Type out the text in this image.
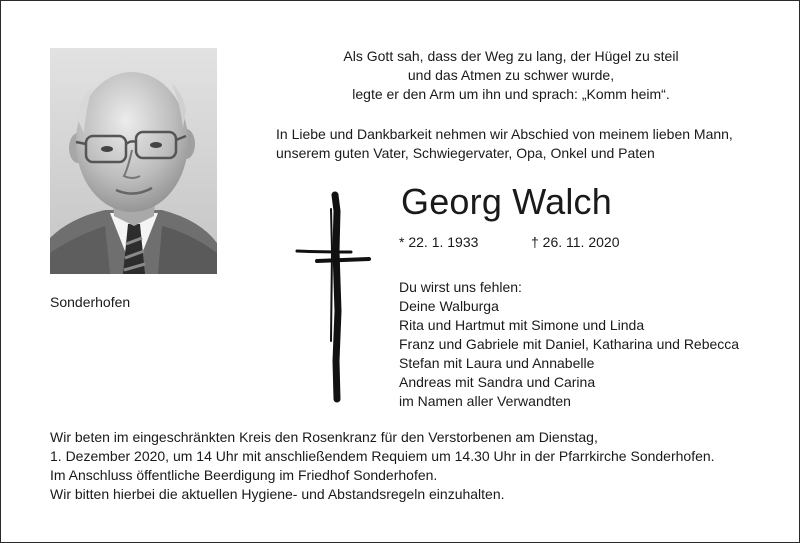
Sonderhofen
Als Gott sah, dass der Weg zu lang, der Hügel zu steil
und das Atmen zu schwer wurde,
legte er den Arm um ihn und sprach: „Komm heim“.
In Liebe und Dankbarkeit nehmen wir Abschied von meinem lieben Mann,
unserem guten Vater, Schwiegervater, Opa, Onkel und Paten
Georg Walch
* 22. 1. 1933	† 26. 11. 2020
Du wirst uns fehlen:
Deine Walburga
Rita und Hartmut mit Simone und Linda
Franz und Gabriele mit Daniel, Katharina und Rebecca
Stefan mit Laura und Annabelle
Andreas mit Sandra und Carina
im Namen aller Verwandten
Wir beten im eingeschränkten Kreis den Rosenkranz für den Verstorbenen am Dienstag,
1. Dezember 2020, um 14 Uhr mit anschließendem Requiem um 14.30 Uhr in der Pfarrkirche Sonderhofen.
Im Anschluss öffentliche Beerdigung im Friedhof Sonderhofen.
Wir bitten hierbei die aktuellen Hygiene- und Abstandsregeln einzuhalten.
